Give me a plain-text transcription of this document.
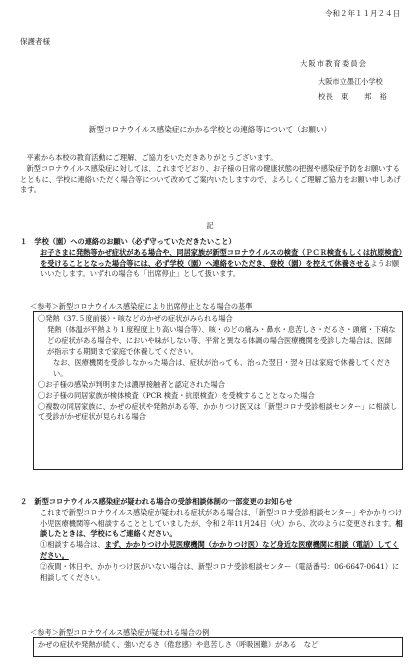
令和２年１１月２４日
保護者様
大阪市教育委員会
大阪市立墨江小学校
校長　東　　邦　裕
新型コロナウイルス感染症にかかる学校との連絡等について（お願い）

平素から本校の教育活動にご理解、ご協力をいただきありがとうございます。

新型コロナウイルス感染症に対しては、これまでどおり、お子様の日常の健康状態の把握や感染症予防をお願いするとともに、学校に連絡いただく場合等について改めてご案内いたしますので、よろしくご理解ご協力をお願い申しあげます。

記
１　学校（園）への連絡のお願い（必ず守っていただきたいこと）
お子さまに発熱等かぜ症状がある場合や、同居家族が新型コロナウイルスの検査（ＰＣＲ検査もしくは抗原検査）を受けることとなった場合等には、必ず学校（園）へ連絡をいただき、登校（園）を控えて休養させるようお願いいたします。いずれの場合も「出席停止」として扱います。
＜参考＞新型コロナウイルス感染症により出席停止となる場合の基準
〇発熱（37.５度前後）・咳などのかぜの症状がみられる場合
発熱（体温が平熱より１度程度上り高い場合等）、咳・のどの痛み・鼻水・息苦しさ・だるさ・頭痛・下痢などの症状がある場合や、においや味がしない等、平常と異なる体調の場合医療機関を受診した場合は、医師が指示する期間まで家庭で休養してください。
なお、医療機関を受診しなかった場合は、症状が治っても、治った翌日・翌々日は家庭で休養してください。
〇お子様の感染が判明または濃厚接触者と認定された場合
〇お子様の同居家族が検体検査（PCR 検査・抗原検査）を受検することとなった場合
〇複数の同居家族に、かぜの症状や発熱がある等、かかりつけ医又は「新型コロナ受診相談センター」に相談して受診がかぜ症状が見られる場合
２　新型コロナウイルス感染症が疑われる場合の受診相談体制の一部変更のお知らせ
これまで新型コロナウイルス感染症が疑われる症状がある場合は、「新型コロナ受診相談センター」やかかりつけ小児医療機関等へ相談することとしていましたが、令和２年11月24日（火）から、次のように変更されます。相談したときは、学校にもご連絡ください。
①相談する場合は、まず、かかりつけ小児医療機関（かかりつけ医）など身近な医療機関に相談（電話）してください。
②夜間・休日や、かかりつけ医がいない場合は、新型コロナ受診相談センター（電話番号：06-6647-0641）に相談してください。
＜参考＞新型コロナウイルス感染症が疑われる場合の例
かぜの症状や発熱が続く、強いだるさ（倦怠感）や息苦しさ（呼吸困難）がある　など
